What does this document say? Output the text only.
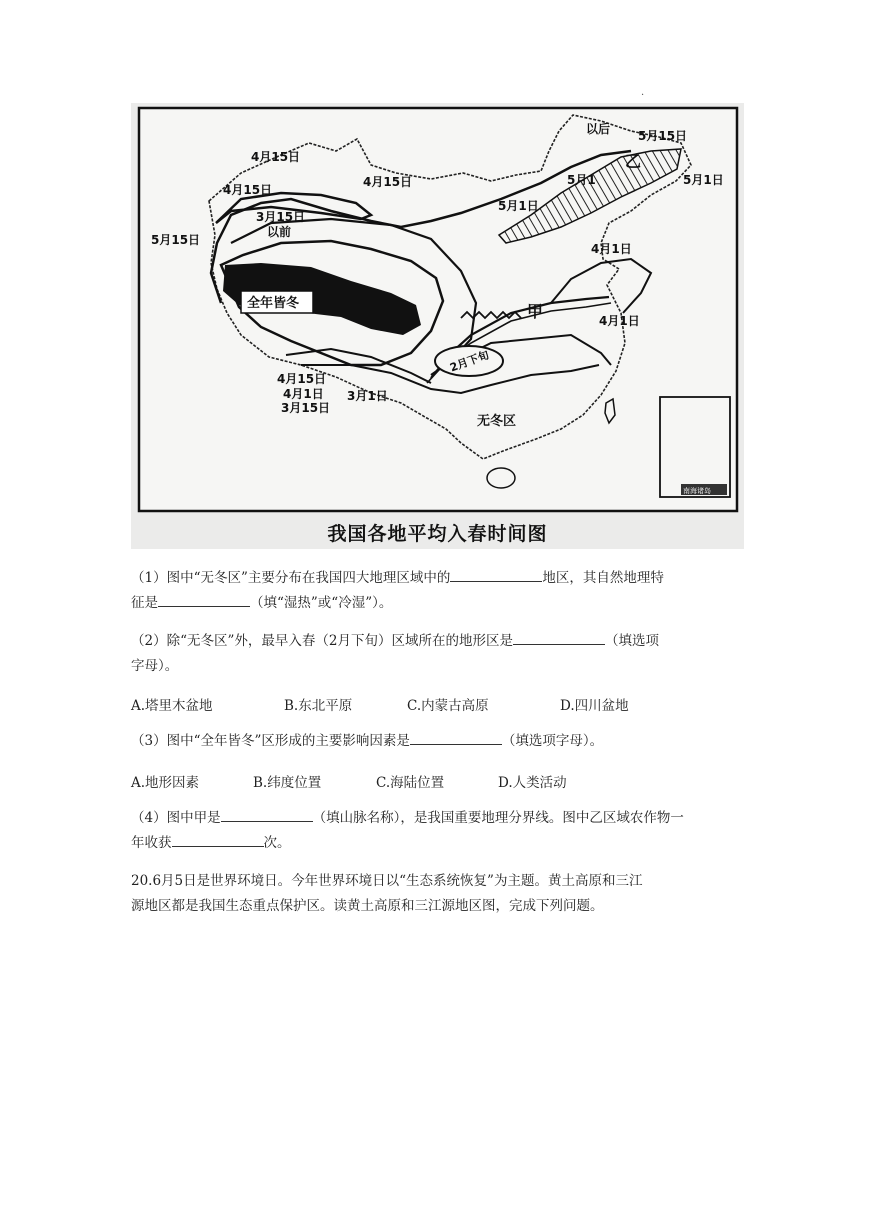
·
4月15日
4月15日
4月15日
3月15日
以前
5月15日
以后 5月15日
乙
5月1日
5月1
5月1日
4月1日
全年皆冬	甲	4月1日
2月下旬
4月15日
4月1日
3月15日
3月1日
无冬区
南海诸岛
我国各地平均入春时间图
（1）图中“无冬区”主要分布在我国四大地理区域中的	地区，其自然地理特
征是	（填“湿热”或“冷湿”）。
（2）除“无冬区”外，最早入春（2月下旬）区域所在的地形区是	（填选项
字母）。
A.塔里木盆地	B.东北平原	C.内蒙古高原	D.四川盆地
（3）图中“全年皆冬”区形成的主要影响因素是	（填选项字母）。
A.地形因素	B.纬度位置	C.海陆位置	D.人类活动
（4）图中甲是	（填山脉名称），是我国重要地理分界线。图中乙区域农作物一
年收获	次。
20.6月5日是世界环境日。今年世界环境日以“生态系统恢复”为主题。黄土高原和三江
源地区都是我国生态重点保护区。读黄土高原和三江源地区图，完成下列问题。
